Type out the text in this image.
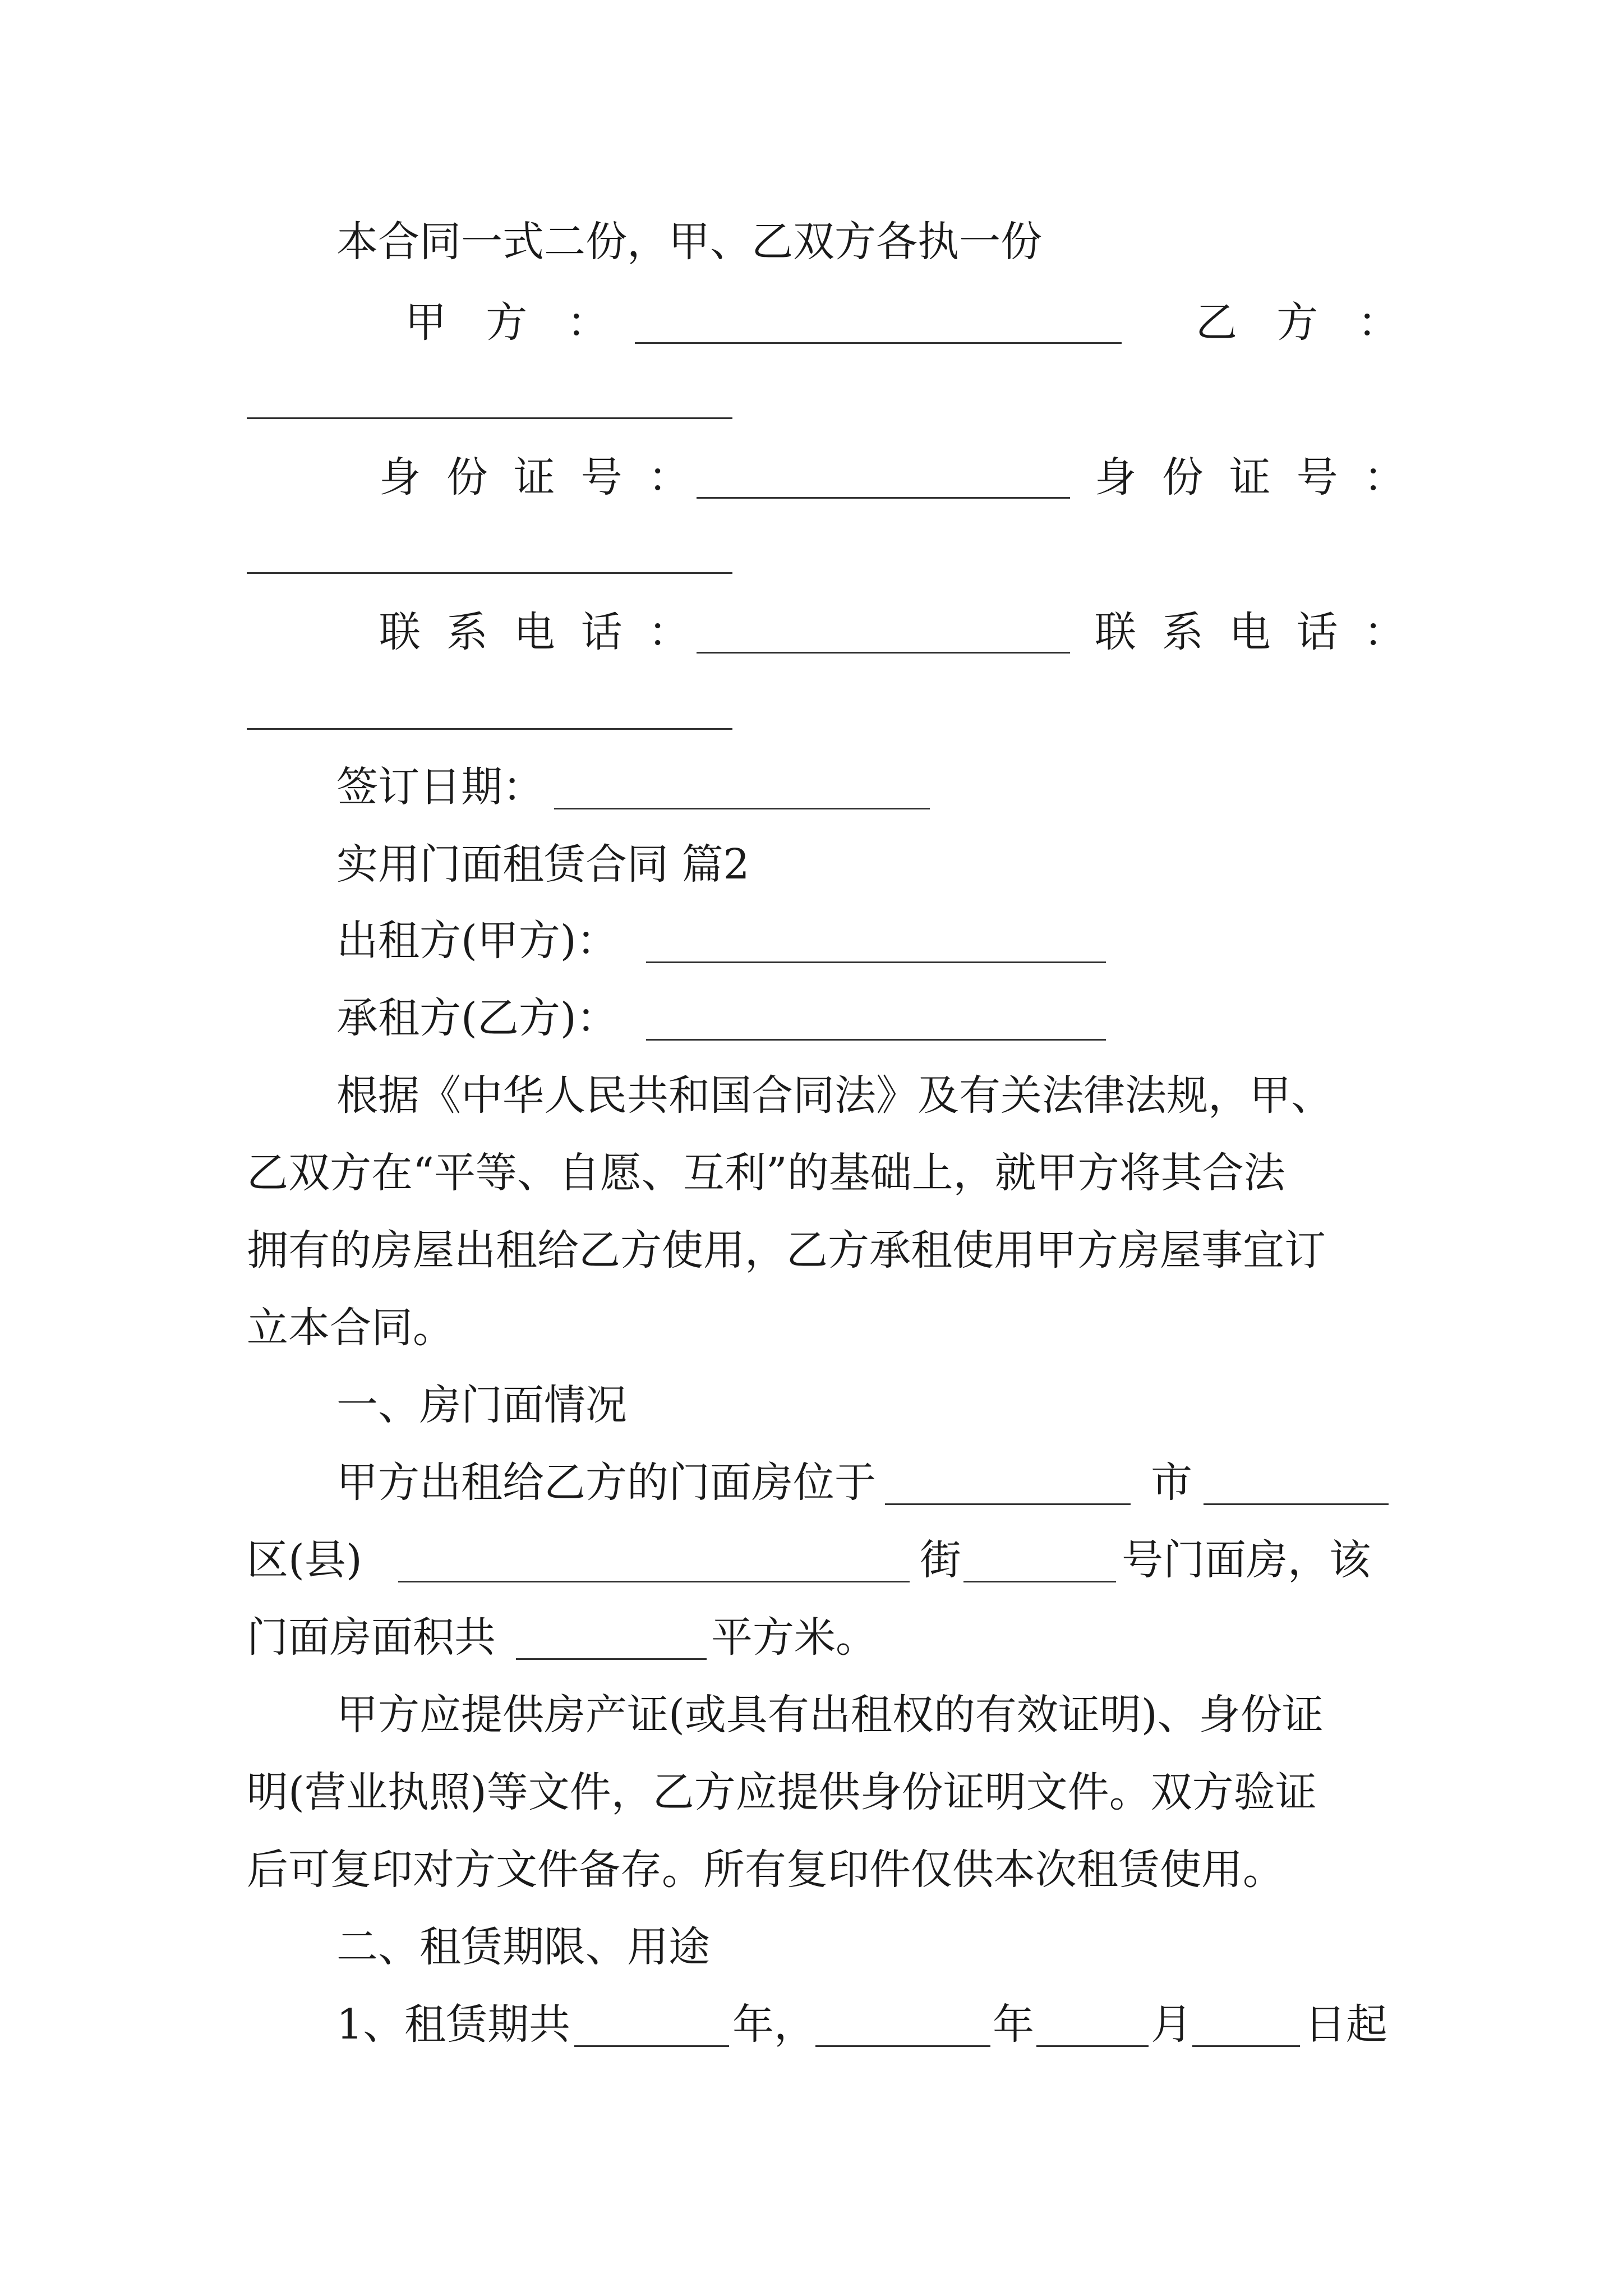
本合同一式二份，甲、乙双方各执一份
甲方：	乙方：
身份证号：	身份证号：
联系电话：	联系电话：
签订日期：
实用门面租赁合同 篇2
出租方(甲方)：
承租方(乙方)：
根据《中华人民共和国合同法》及有关法律法规，甲、
乙双方在“平等、自愿、互利”的基础上，就甲方将其合法
拥有的房屋出租给乙方使用，乙方承租使用甲方房屋事宜订
立本合同。
一、房门面情况
甲方出租给乙方的门面房位于	市
区(县)	街	号门面房，该
门面房面积共	平方米。
甲方应提供房产证(或具有出租权的有效证明)、身份证
明(营业执照)等文件，乙方应提供身份证明文件。双方验证
后可复印对方文件备存。所有复印件仅供本次租赁使用。
二、租赁期限、用途
1、租赁期共	年，	年	月	日起
